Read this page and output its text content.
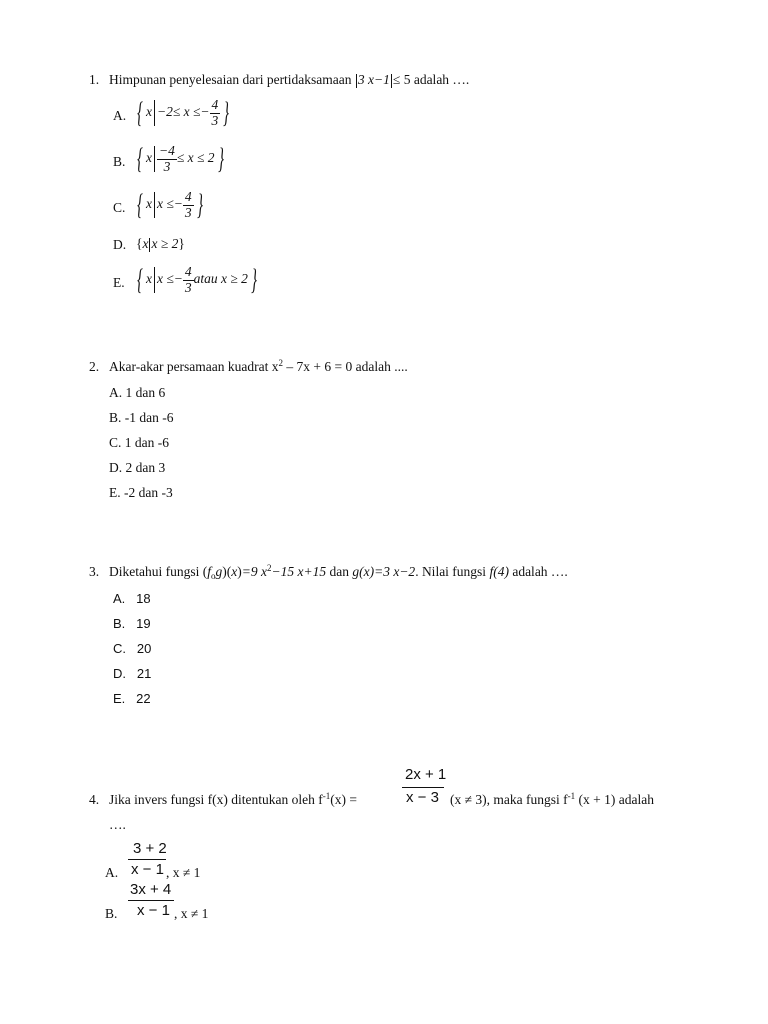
1. Himpunan penyelesaian dari pertidaksamaan 3 x−1 ≤ 5 adalah ….
A. { $x -2\le x \le- \frac{4}{3}$ }
B. { x $\frac{-4}{3} \le x \le 2$ }
C. { x $x \le- \frac{4}{3}$ }
D. {x x ≥ 2}
E. { x $x \le- \frac{4}{3}$ atau x ≥ 2 }
2. Akar-akar persamaan kuadrat $x^2 - 7x + 6 = 0$ adalah ....
A. 1 dan 6
B. -1 dan -6
C. 1 dan -6
D. 2 dan 3
E. -2 dan -3
3. Diketahui fungsi $(f_og)(x)=9$ $x^2-15$ x+15 dan g(x)=3 x−2. Nilai fungsi f(4) adalah ….
A. 18
B. 19
C. 20
D. 21
E. 22
2x + 1
x − 3
4. Jika invers fungsi f(x) ditentukan oleh $f^{-1}(x)$ =	(x ≠ 3), maka fungsi $f^{-1}$ (x + 1) adalah
….
A.
3 + 2
x − 1 , x ≠ 1
B.
3x + 4
x − 1 , x ≠ 1
